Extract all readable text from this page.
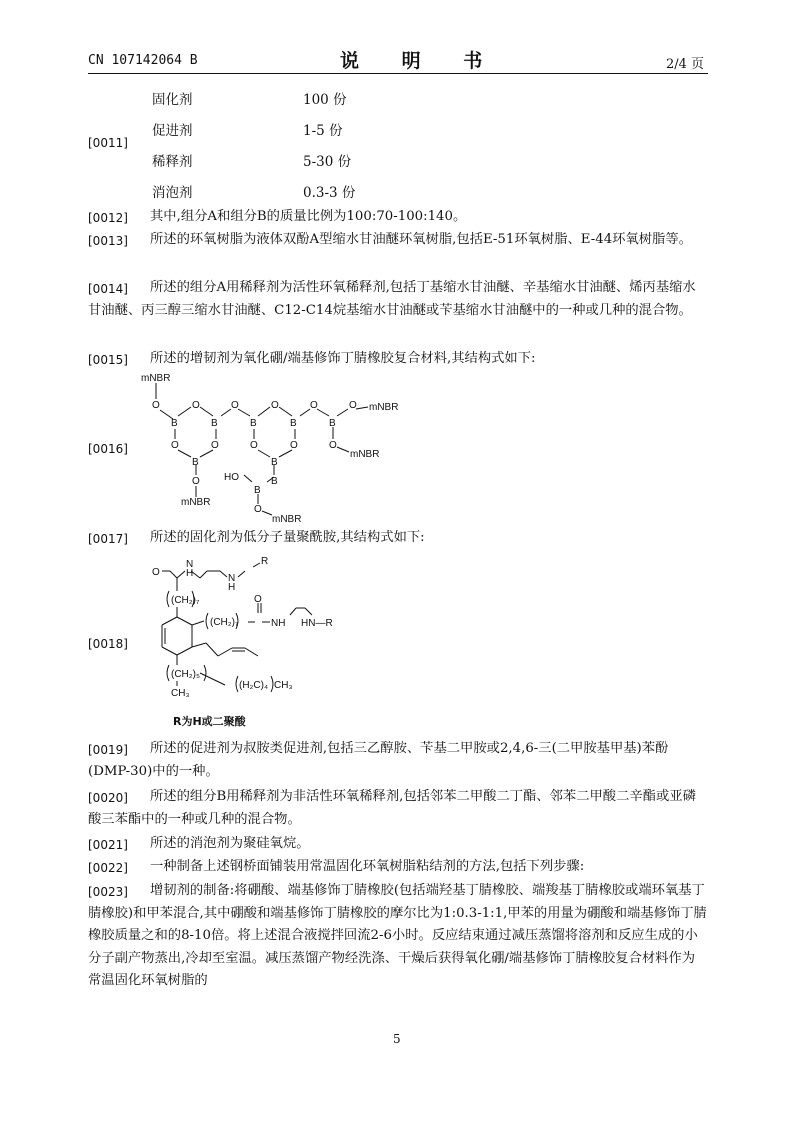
CN 107142064 B	说 明 书	2/4 页
[0011]
固化剂	100 份
促进剂	1-5 份
稀释剂	5-30 份
消泡剂	0.3-3 份
[0012]	其中,组分A和组分B的质量比例为100:70-100:140。
[0013]	所述的环氧树脂为液体双酚A型缩水甘油醚环氧树脂,包括E-51环氧树脂、E-44环氧树脂等。
[0014]	所述的组分A用稀释剂为活性环氧稀释剂,包括丁基缩水甘油醚、辛基缩水甘油醚、烯丙基缩水甘油醚、丙三醇三缩水甘油醚、C12-C14烷基缩水甘油醚或苄基缩水甘油醚中的一种或几种的混合物。
[0015]	所述的增韧剂为氧化硼/端基修饰丁腈橡胶复合材料,其结构式如下:
[0016]
mNBR
O
B
O
B
O
B
O
O
B
O
B
O
B
O
O
B
O mNBR
O
mNBR
O
mNBR
B
HO
B
O
mNBR
[0017]	所述的固化剂为低分子量聚酰胺,其结构式如下:
[0018]
O
N
H	N
H
R
(CH₂)₇
(CH₂)₇
O
NH HN—R
(CH₂)₅
CH₃
(H₂C)₄ CH₃
R为H或二聚酸
[0019]	所述的促进剂为叔胺类促进剂,包括三乙醇胺、苄基二甲胺或2,4,6-三(二甲胺基甲基)苯酚(DMP-30)中的一种。
[0020]	所述的组分B用稀释剂为非活性环氧稀释剂,包括邻苯二甲酸二丁酯、邻苯二甲酸二辛酯或亚磷酸三苯酯中的一种或几种的混合物。
[0021]	所述的消泡剂为聚硅氧烷。
[0022]	一种制备上述钢桥面铺装用常温固化环氧树脂粘结剂的方法,包括下列步骤:
[0023]	增韧剂的制备:将硼酸、端基修饰丁腈橡胶(包括端羟基丁腈橡胶、端羧基丁腈橡胶或端环氧基丁腈橡胶)和甲苯混合,其中硼酸和端基修饰丁腈橡胶的摩尔比为1:0.3-1:1,甲苯的用量为硼酸和端基修饰丁腈橡胶质量之和的8-10倍。将上述混合液搅拌回流2-6小时。反应结束通过减压蒸馏将溶剂和反应生成的小分子副产物蒸出,冷却至室温。减压蒸馏产物经洗涤、干燥后获得氧化硼/端基修饰丁腈橡胶复合材料作为常温固化环氧树脂的
5
